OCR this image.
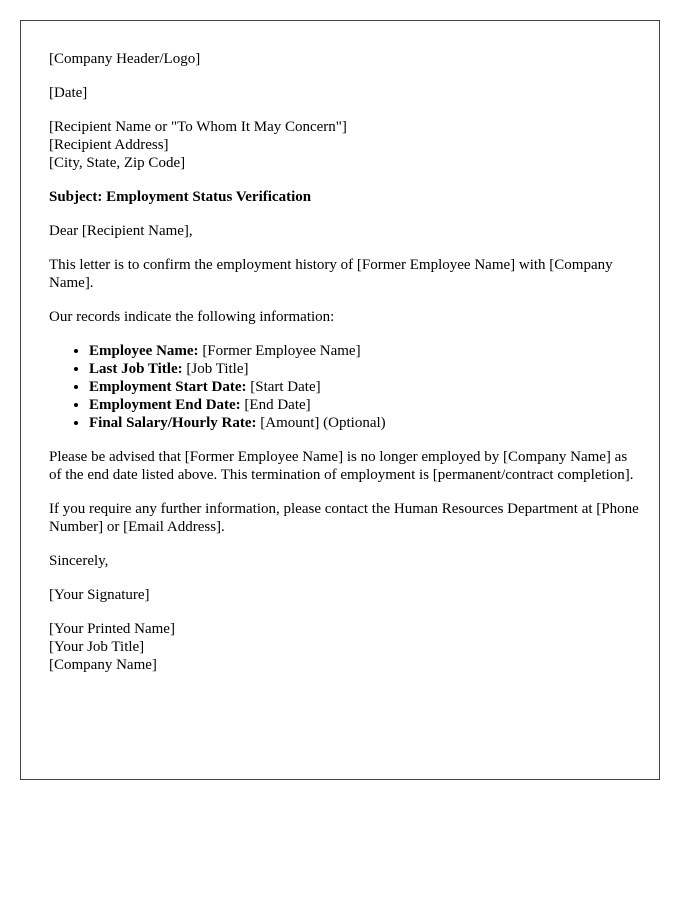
[Company Header/Logo]

[Date]

[Recipient Name or "To Whom It May Concern"]
[Recipient Address]
[City, State, Zip Code]

Subject: Employment Status Verification

Dear [Recipient Name],

This letter is to confirm the employment history of [Former Employee Name] with [Company Name].

Our records indicate the following information:

• Employee Name: [Former Employee Name]
• Last Job Title: [Job Title]
• Employment Start Date: [Start Date]
• Employment End Date: [End Date]
• Final Salary/Hourly Rate: [Amount] (Optional)

Please be advised that [Former Employee Name] is no longer employed by [Company Name] as of the end date listed above. This termination of employment is [permanent/contract completion].

If you require any further information, please contact the Human Resources Department at [Phone Number] or [Email Address].

Sincerely,

[Your Signature]

[Your Printed Name]
[Your Job Title]
[Company Name]
